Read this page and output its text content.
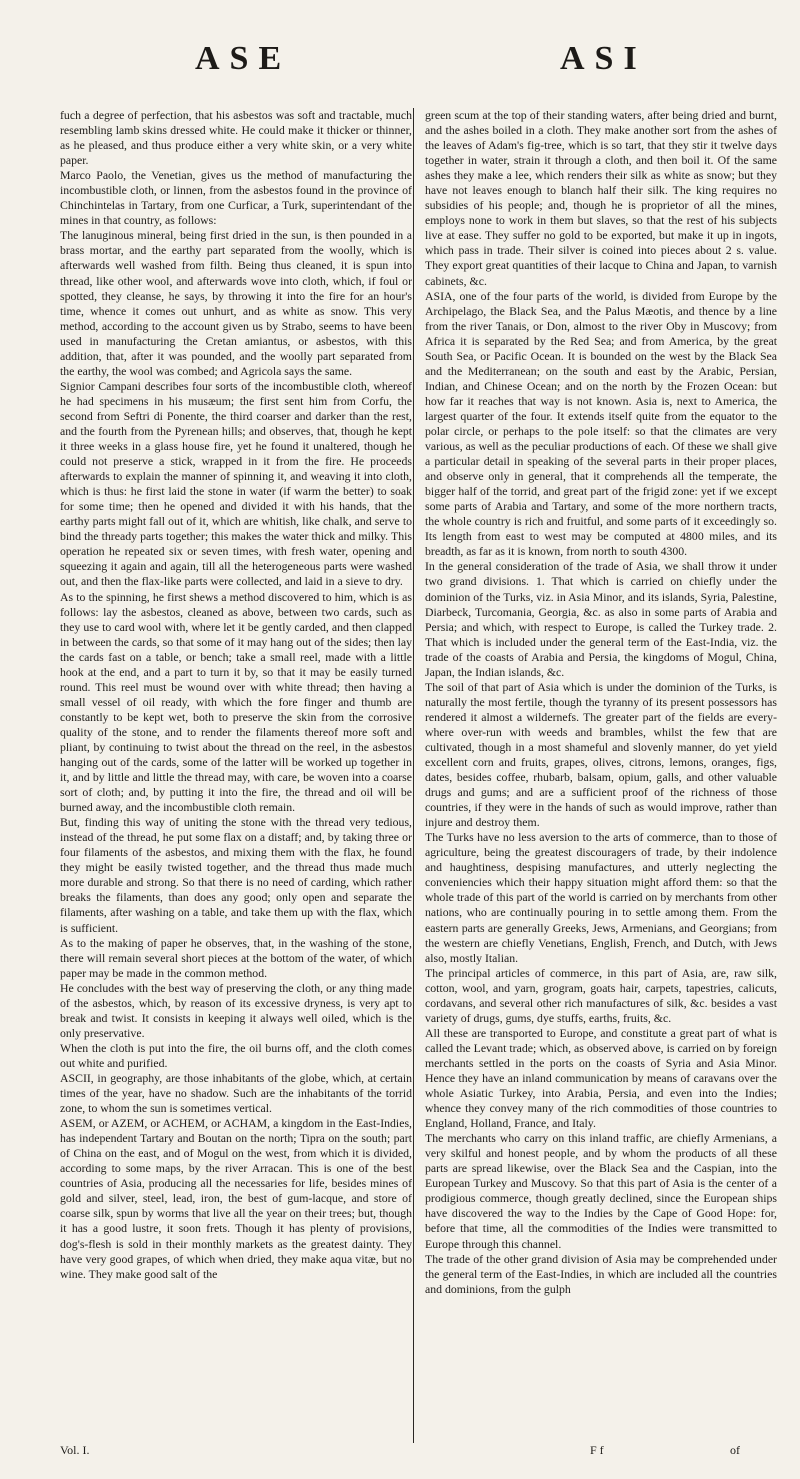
ASE	ASI

fuch a degree of perfection, that his asbestos was soft and tractable, much resembling lamb skins dressed white. He could make it thicker or thinner, as he pleased, and thus produce either a very white skin, or a very white paper.

Marco Paolo, the Venetian, gives us the method of manufacturing the incombustible cloth, or linnen, from the asbestos found in the province of Chinchintelas in Tartary, from one Curficar, a Turk, superintendant of the mines in that country, as follows:

The lanuginous mineral, being first dried in the sun, is then pounded in a brass mortar, and the earthy part separated from the woolly, which is afterwards well washed from filth. Being thus cleaned, it is spun into thread, like other wool, and afterwards wove into cloth, which, if foul or spotted, they cleanse, he says, by throwing it into the fire for an hour's time, whence it comes out unhurt, and as white as snow. This very method, according to the account given us by Strabo, seems to have been used in manufacturing the Cretan amiantus, or asbestos, with this addition, that, after it was pounded, and the woolly part separated from the earthy, the wool was combed; and Agricola says the same.

Signior Campani describes four sorts of the incombustible cloth, whereof he had specimens in his musæum; the first sent him from Corfu, the second from Seftri di Ponente, the third coarser and darker than the rest, and the fourth from the Pyrenean hills; and observes, that, though he kept it three weeks in a glass house fire, yet he found it unaltered, though he could not preserve a stick, wrapped in it from the fire. He proceeds afterwards to explain the manner of spinning it, and weaving it into cloth, which is thus: he first laid the stone in water (if warm the better) to soak for some time; then he opened and divided it with his hands, that the earthy parts might fall out of it, which are whitish, like chalk, and serve to bind the thready parts together; this makes the water thick and milky. This operation he repeated six or seven times, with fresh water, opening and squeezing it again and again, till all the heterogeneous parts were washed out, and then the flax-like parts were collected, and laid in a sieve to dry.

As to the spinning, he first shews a method discovered to him, which is as follows: lay the asbestos, cleaned as above, between two cards, such as they use to card wool with, where let it be gently carded, and then clapped in between the cards, so that some of it may hang out of the sides; then lay the cards fast on a table, or bench; take a small reel, made with a little hook at the end, and a part to turn it by, so that it may be easily turned round. This reel must be wound over with white thread; then having a small vessel of oil ready, with which the fore finger and thumb are constantly to be kept wet, both to preserve the skin from the corrosive quality of the stone, and to render the filaments thereof more soft and pliant, by continuing to twist about the thread on the reel, in the asbestos hanging out of the cards, some of the latter will be worked up together in it, and by little and little the thread may, with care, be woven into a coarse sort of cloth; and, by putting it into the fire, the thread and oil will be burned away, and the incombustible cloth remain.

But, finding this way of uniting the stone with the thread very tedious, instead of the thread, he put some flax on a distaff; and, by taking three or four filaments of the asbestos, and mixing them with the flax, he found they might be easily twisted together, and the thread thus made much more durable and strong. So that there is no need of carding, which rather breaks the filaments, than does any good; only open and separate the filaments, after washing on a table, and take them up with the flax, which is sufficient.

As to the making of paper he observes, that, in the washing of the stone, there will remain several short pieces at the bottom of the water, of which paper may be made in the common method.

He concludes with the best way of preserving the cloth, or any thing made of the asbestos, which, by reason of its excessive dryness, is very apt to break and twist. It consists in keeping it always well oiled, which is the only preservative.

When the cloth is put into the fire, the oil burns off, and the cloth comes out white and purified.

ASCII, in geography, are those inhabitants of the globe, which, at certain times of the year, have no shadow. Such are the inhabitants of the torrid zone, to whom the sun is sometimes vertical.

ASEM, or AZEM, or ACHEM, or ACHAM, a kingdom in the East-Indies, has independent Tartary and Boutan on the north; Tipra on the south; part of China on the east, and of Mogul on the west, from which it is divided, according to some maps, by the river Arracan. This is one of the best countries of Asia, producing all the necessaries for life, besides mines of gold and silver, steel, lead, iron, the best of gum-lacque, and store of coarse silk, spun by worms that live all the year on their trees; but, though it has a good lustre, it soon frets. Though it has plenty of provisions, dog's-flesh is sold in their monthly markets as the greatest dainty. They have very good grapes, of which when dried, they make aqua vitæ, but no wine. They make good salt of the

green scum at the top of their standing waters, after being dried and burnt, and the ashes boiled in a cloth. They make another sort from the ashes of the leaves of Adam's fig-tree, which is so tart, that they stir it twelve days together in water, strain it through a cloth, and then boil it. Of the same ashes they make a lee, which renders their silk as white as snow; but they have not leaves enough to blanch half their silk. The king requires no subsidies of his people; and, though he is proprietor of all the mines, employs none to work in them but slaves, so that the rest of his subjects live at ease. They suffer no gold to be exported, but make it up in ingots, which pass in trade. Their silver is coined into pieces about 2 s. value. They export great quantities of their lacque to China and Japan, to varnish cabinets, &c.

ASIA, one of the four parts of the world, is divided from Europe by the Archipelago, the Black Sea, and the Palus Mæotis, and thence by a line from the river Tanais, or Don, almost to the river Oby in Muscovy; from Africa it is separated by the Red Sea; and from America, by the great South Sea, or Pacific Ocean. It is bounded on the west by the Black Sea and the Mediterranean; on the south and east by the Arabic, Persian, Indian, and Chinese Ocean; and on the north by the Frozen Ocean: but how far it reaches that way is not known. Asia is, next to America, the largest quarter of the four. It extends itself quite from the equator to the polar circle, or perhaps to the pole itself: so that the climates are very various, as well as the peculiar productions of each. Of these we shall give a particular detail in speaking of the several parts in their proper places, and observe only in general, that it comprehends all the temperate, the bigger half of the torrid, and great part of the frigid zone: yet if we except some parts of Arabia and Tartary, and some of the more northern tracts, the whole country is rich and fruitful, and some parts of it exceedingly so. Its length from east to west may be computed at 4800 miles, and its breadth, as far as it is known, from north to south 4300.

In the general consideration of the trade of Asia, we shall throw it under two grand divisions. 1. That which is carried on chiefly under the dominion of the Turks, viz. in Asia Minor, and its islands, Syria, Palestine, Diarbeck, Turcomania, Georgia, &c. as also in some parts of Arabia and Persia; and which, with respect to Europe, is called the Turkey trade. 2. That which is included under the general term of the East-India, viz. the trade of the coasts of Arabia and Persia, the kingdoms of Mogul, China, Japan, the Indian islands, &c.

The soil of that part of Asia which is under the dominion of the Turks, is naturally the most fertile, though the tyranny of its present possessors has rendered it almost a wildernefs. The greater part of the fields are every-where over-run with weeds and brambles, whilst the few that are cultivated, though in a most shameful and slovenly manner, do yet yield excellent corn and fruits, grapes, olives, citrons, lemons, oranges, figs, dates, besides coffee, rhubarb, balsam, opium, galls, and other valuable drugs and gums; and are a sufficient proof of the richness of those countries, if they were in the hands of such as would improve, rather than injure and destroy them.

The Turks have no less aversion to the arts of commerce, than to those of agriculture, being the greatest discouragers of trade, by their indolence and haughtiness, despising manufactures, and utterly neglecting the conveniencies which their happy situation might afford them: so that the whole trade of this part of the world is carried on by merchants from other nations, who are continually pouring in to settle among them. From the eastern parts are generally Greeks, Jews, Armenians, and Georgians; from the western are chiefly Venetians, English, French, and Dutch, with Jews also, mostly Italian.

The principal articles of commerce, in this part of Asia, are, raw silk, cotton, wool, and yarn, grogram, goats hair, carpets, tapestries, calicuts, cordavans, and several other rich manufactures of silk, &c. besides a vast variety of drugs, gums, dye stuffs, earths, fruits, &c.

All these are transported to Europe, and constitute a great part of what is called the Levant trade; which, as observed above, is carried on by foreign merchants settled in the ports on the coasts of Syria and Asia Minor. Hence they have an inland communication by means of caravans over the whole Asiatic Turkey, into Arabia, Persia, and even into the Indies; whence they convey many of the rich commodities of those countries to England, Holland, France, and Italy.

The merchants who carry on this inland traffic, are chiefly Armenians, a very skilful and honest people, and by whom the products of all these parts are spread likewise, over the Black Sea and the Caspian, into the European Turkey and Muscovy. So that this part of Asia is the center of a prodigious commerce, though greatly declined, since the European ships have discovered the way to the Indies by the Cape of Good Hope: for, before that time, all the commodities of the Indies were transmitted to Europe through this channel.

The trade of the other grand division of Asia may be comprehended under the general term of the East-Indies, in which are included all the countries and dominions, from the gulph

Vol. I.	F f	of
